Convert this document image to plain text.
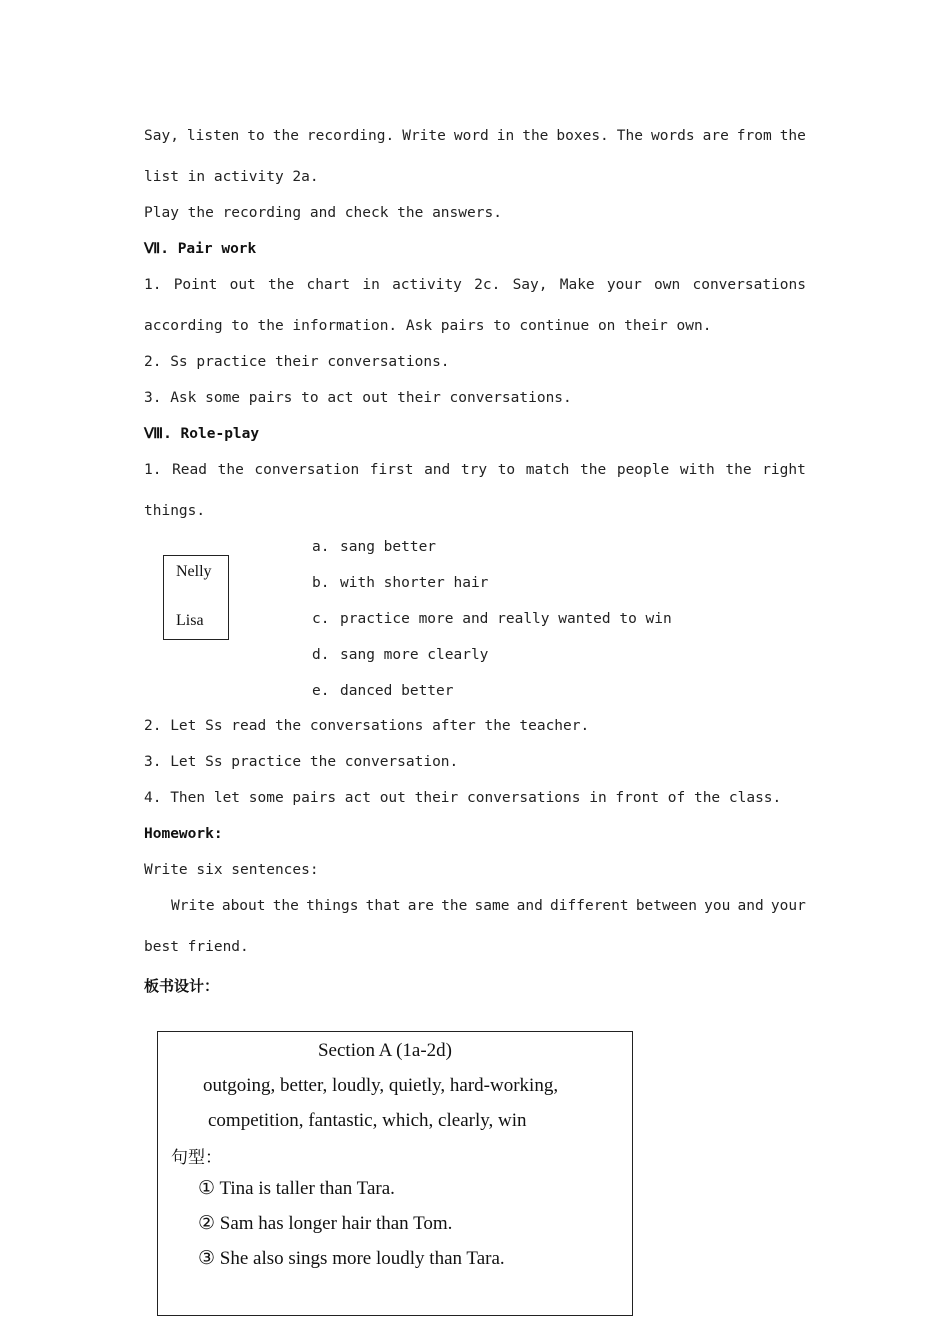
Say, listen to the recording. Write word in the boxes. The words are from the
list in activity 2a.
Play the recording and check the answers.
Ⅶ. Pair work
1. Point out the chart in activity 2c. Say, Make your own conversations
according to the information. Ask pairs to continue on their own.
2. Ss practice their conversations.
3. Ask some pairs to act out their conversations.
Ⅷ. Role-play
1. Read the conversation first and try to match the people with the right
things.
Nelly
Lisa
a. sang better
b. with shorter hair
c. practice more and really wanted to win
d. sang more clearly
e. danced better
2. Let Ss read the conversations after the teacher.
3. Let Ss practice the conversation.
4. Then let some pairs act out their conversations in front of the class.
Homework:
Write six sentences:
Write about the things that are the same and different between you and your
best friend.
板书设计：
Section A (1a-2d)
outgoing, better, loudly, quietly, hard-working,
competition, fantastic, which, clearly, win
句型：
① Tina is taller than Tara.
② Sam has longer hair than Tom.
③ She also sings more loudly than Tara.
